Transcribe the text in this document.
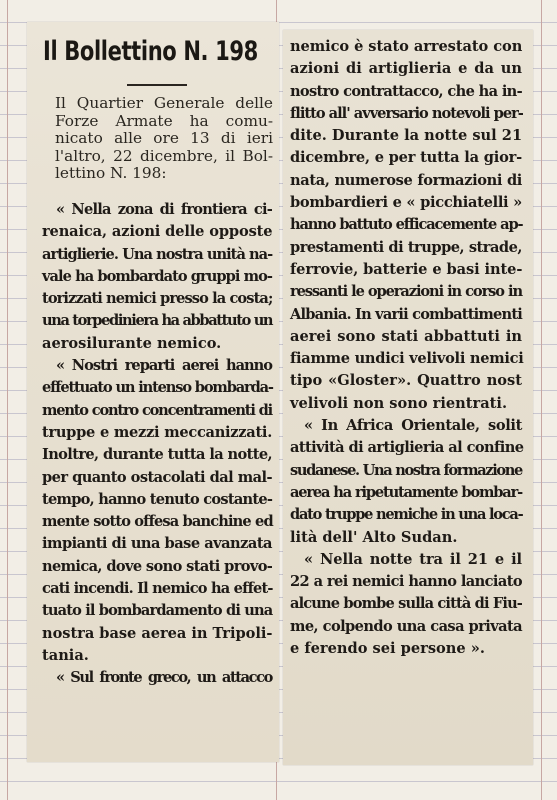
Il Bollettino N. 198
Il Quartier Generale delle
Forze Armate ha comu-
nicato alle ore 13 di ieri
l'altro, 22 dicembre, il Bol-
lettino N. 198:
« Nella zona di frontiera ci-
renaica, azioni delle opposte
artiglierie. Una nostra unità na-
vale ha bombardato gruppi mo-
torizzati nemici presso la costa;
una torpediniera ha abbattuto un
aerosilurante nemico.
« Nostri reparti aerei hanno
effettuato un intenso bombarda-
mento contro concentramenti di
truppe e mezzi meccanizzati.
Inoltre, durante tutta la notte,
per quanto ostacolati dal mal-
tempo, hanno tenuto costante-
mente sotto offesa banchine ed
impianti di una base avanzata
nemica, dove sono stati provo-
cati incendi. Il nemico ha effet-
tuato il bombardamento di una
nostra base aerea in Tripoli-
tania.
« Sul fronte greco, un attacco
nemico è stato arrestato con
azioni di artiglieria e da un
nostro contrattacco, che ha in-
flitto all' avversario notevoli per-
dite. Durante la notte sul 21
dicembre, e per tutta la gior-
nata, numerose formazioni di
bombardieri e « picchiatelli »
hanno battuto efficacemente ap-
prestamenti di truppe, strade,
ferrovie, batterie e basi inte-
ressanti le operazioni in corso in
Albania. In varii combattimenti
aerei sono stati abbattuti in
fiamme undici velivoli nemici
tipo «Gloster». Quattro nost
velivoli non sono rientrati.
« In Africa Orientale, solit
attività di artiglieria al confine
sudanese. Una nostra formazione
aerea ha ripetutamente bombar-
dato truppe nemiche in una loca-
lità dell' Alto Sudan.
« Nella notte tra il 21 e il
22 a rei nemici hanno lanciato
alcune bombe sulla città di Fiu-
me, colpendo una casa privata
e ferendo sei persone ».
